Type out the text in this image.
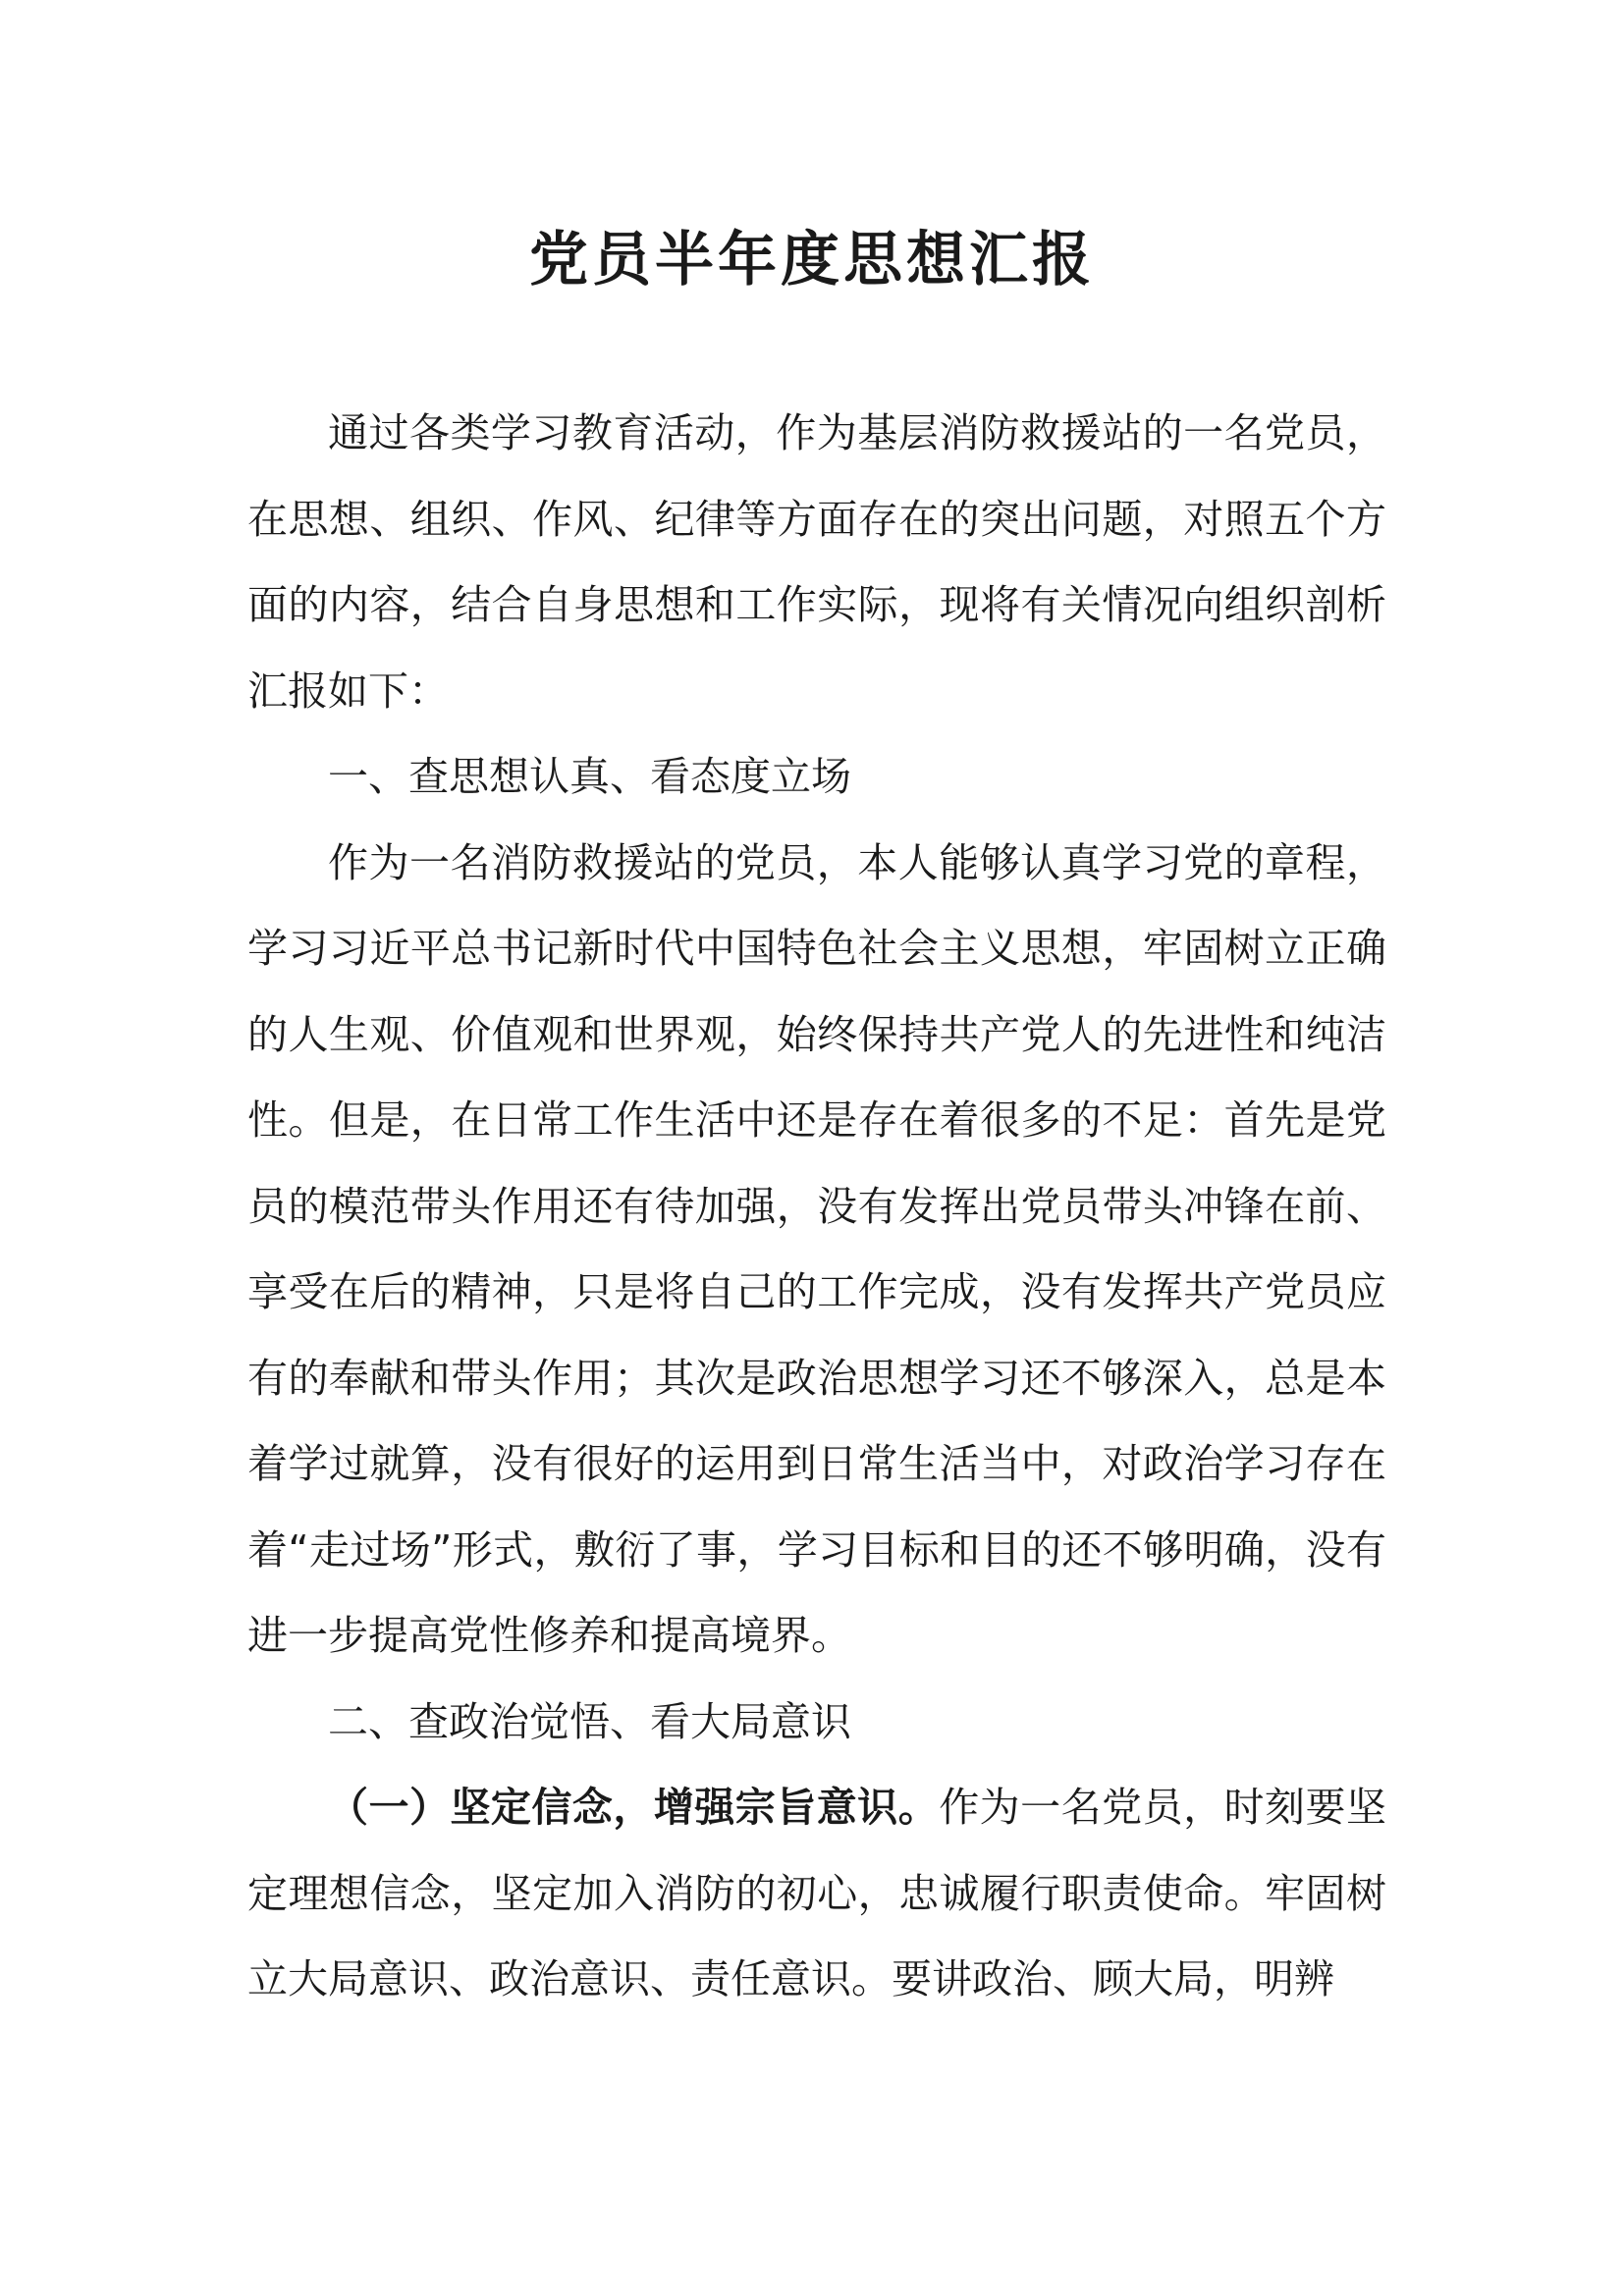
党员半年度思想汇报

通过各类学习教育活动，作为基层消防救援站的一名党员，在思想、组织、作风、纪律等方面存在的突出问题，对照五个方面的内容，结合自身思想和工作实际，现将有关情况向组织剖析汇报如下：

一、查思想认真、看态度立场

作为一名消防救援站的党员，本人能够认真学习党的章程，学习习近平总书记新时代中国特色社会主义思想，牢固树立正确的人生观、价值观和世界观，始终保持共产党人的先进性和纯洁性。但是，在日常工作生活中还是存在着很多的不足：首先是党员的模范带头作用还有待加强，没有发挥出党员带头冲锋在前、享受在后的精神，只是将自己的工作完成，没有发挥共产党员应有的奉献和带头作用；其次是政治思想学习还不够深入，总是本着学过就算，没有很好的运用到日常生活当中，对政治学习存在着“走过场”形式，敷衍了事，学习目标和目的还不够明确，没有进一步提高党性修养和提高境界。

二、查政治觉悟、看大局意识

（一）坚定信念，增强宗旨意识。作为一名党员，时刻要坚定理想信念，坚定加入消防的初心，忠诚履行职责使命。牢固树立大局意识、政治意识、责任意识。要讲政治、顾大局，明辨
